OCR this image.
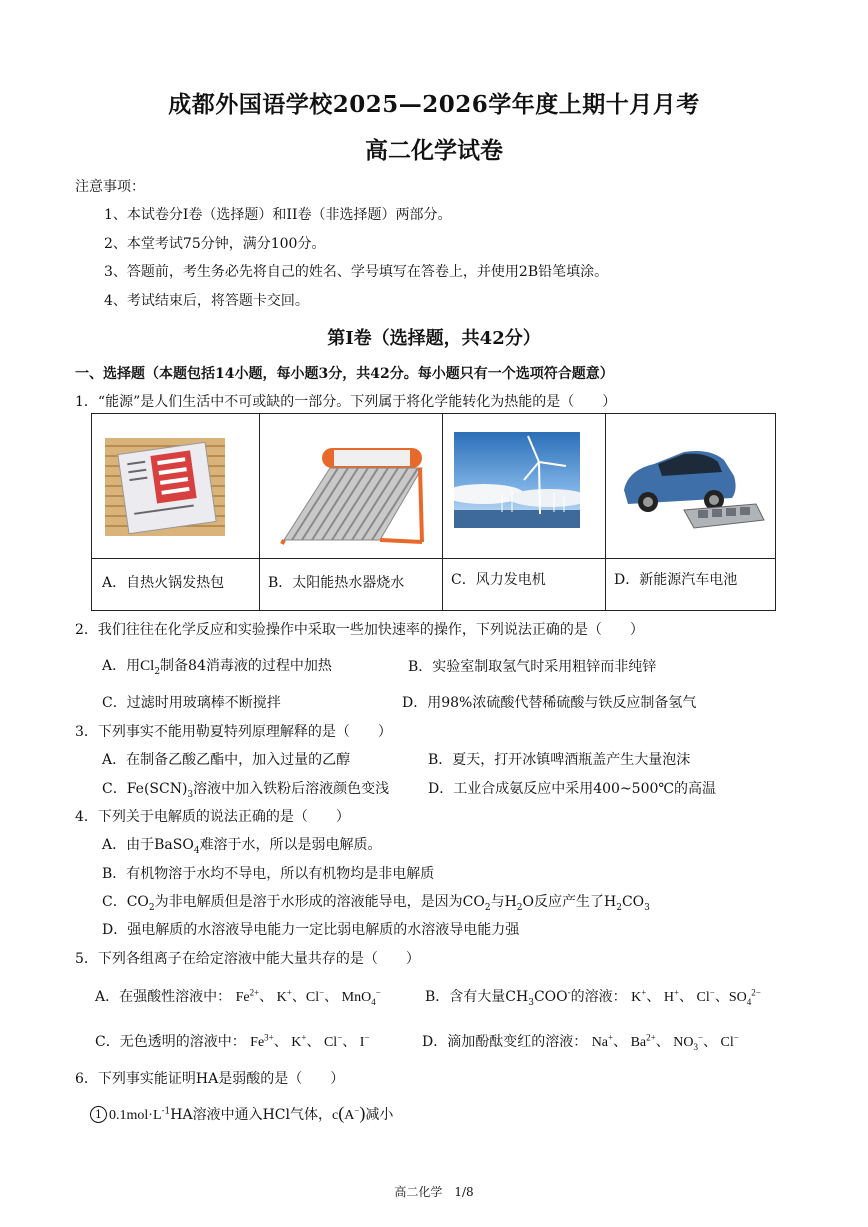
成都外国语学校2025—2026学年度上期十月月考
高二化学试卷
注意事项：
1、本试卷分I卷（选择题）和II卷（非选择题）两部分。
2、本堂考试75分钟，满分100分。
3、答题前，考生务必先将自己的姓名、学号填写在答卷上，并使用2B铅笔填涂。
4、考试结束后，将答题卡交回。
第I卷（选择题，共42分）
一、选择题（本题包括14小题，每小题3分，共42分。每小题只有一个选项符合题意）
1．“能源”是人们生活中不可或缺的一部分。下列属于将化学能转化为热能的是（　　）
A．自热火锅发热包	B．太阳能热水器烧水	C．风力发电机	D．新能源汽车电池
2．我们往往在化学反应和实验操作中采取一些加快速率的操作，下列说法正确的是（　　）
A．用$Cl_2$制备84消毒液的过程中加热	B．实验室制取氢气时采用粗锌而非纯锌
C．过滤时用玻璃棒不断搅拌	D．用98%浓硫酸代替稀硫酸与铁反应制备氢气
3．下列事实不能用勒夏特列原理解释的是（　　）
A．在制备乙酸乙酯中，加入过量的乙醇	B．夏天，打开冰镇啤酒瓶盖产生大量泡沫
C．$Fe(SCN)_3$溶液中加入铁粉后溶液颜色变浅	D．工业合成氨反应中采用400~500℃的高温
4．下列关于电解质的说法正确的是（　　）
A．由于BaSO$_4$难溶于水，所以是弱电解质。
B．有机物溶于水均不导电，所以有机物均是非电解质
C．$CO_2$为非电解质但是溶于水形成的溶液能导电，是因为$CO_2$与$H_2O$反应产生了$H_2CO_3$
D．强电解质的水溶液导电能力一定比弱电解质的水溶液导电能力强
5．下列各组离子在给定溶液中能大量共存的是（　　）
A．在强酸性溶液中： $Fe^{2+}$、 K+、Cl−、 MnO$_4$−	B．含有大量$CH_3COO^-$的溶液： K+、 H+、 Cl−、$SO_4^{2-}$
C．无色透明的溶液中： $Fe^{3+}$、 K+、 Cl−、 I−	D．滴加酚酞变红的溶液： Na+、 $Ba^{2+}$、 $NO_3^-$、 Cl−
6．下列事实能证明HA是弱酸的是（　　）
1 $0.1mol\cdot L^{-1}HA$溶液中通入HCl气体，c(A−)减小
高二化学　1/8
